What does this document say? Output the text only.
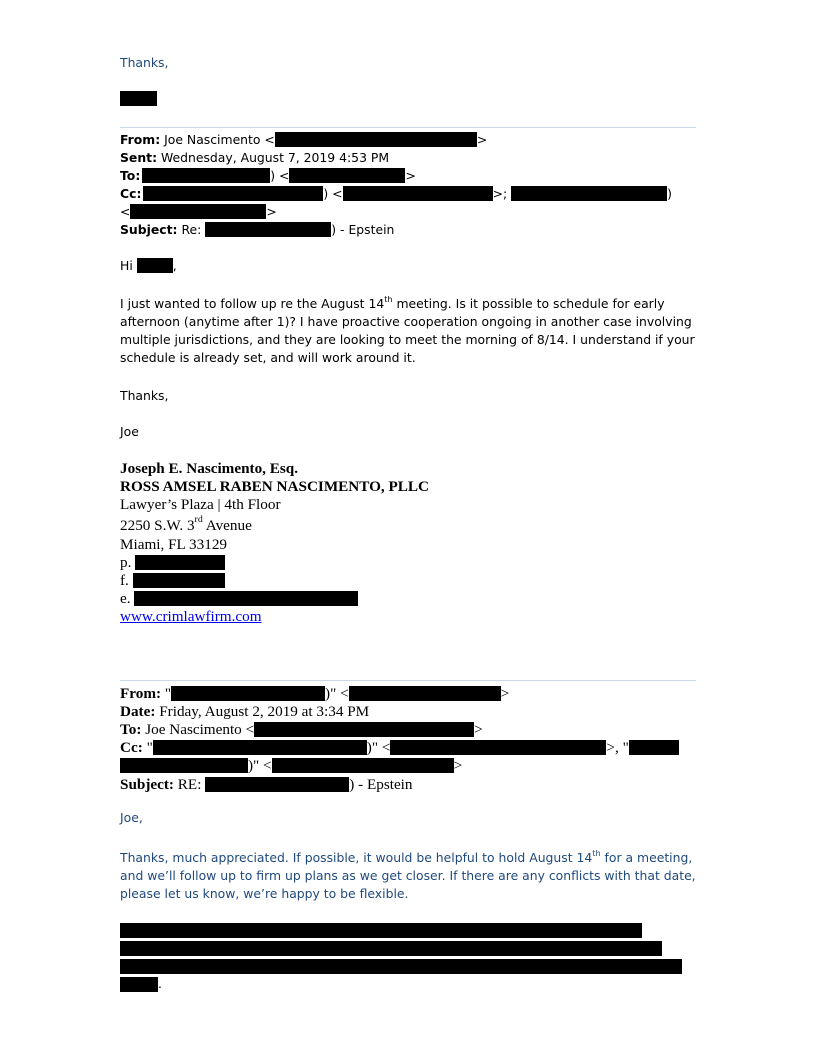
Thanks,
From: Joe Nascimento <	>
Sent: Wednesday, August 7, 2019 4:53 PM
To:	) <	>
Cc:	) <	>;	)
<	>
Subject: Re:	) - Epstein
Hi	,
I just wanted to follow up re the August 14th meeting. Is it possible to schedule for early afternoon (anytime after 1)? I have proactive cooperation ongoing in another case involving multiple jurisdictions, and they are looking to meet the morning of 8/14. I understand if your schedule is already set, and will work around it.
Thanks,
Joe
Joseph E. Nascimento, Esq.
ROSS AMSEL RABEN NASCIMENTO, PLLC
Lawyer’s Plaza | 4th Floor
2250 S.W. 3rd Avenue
Miami, FL 33129
p.
f.
e.
www.crimlawfirm.com
From: "	)" <	>
Date: Friday, August 2, 2019 at 3:34 PM
To: Joe Nascimento <	>
Cc: "	)" <	>, "
)" <	>
Subject: RE:	) - Epstein
Joe,
Thanks, much appreciated. If possible, it would be helpful to hold August 14th for a meeting, and we’ll follow up to firm up plans as we get closer. If there are any conflicts with that date, please let us know, we’re happy to be flexible.
.
